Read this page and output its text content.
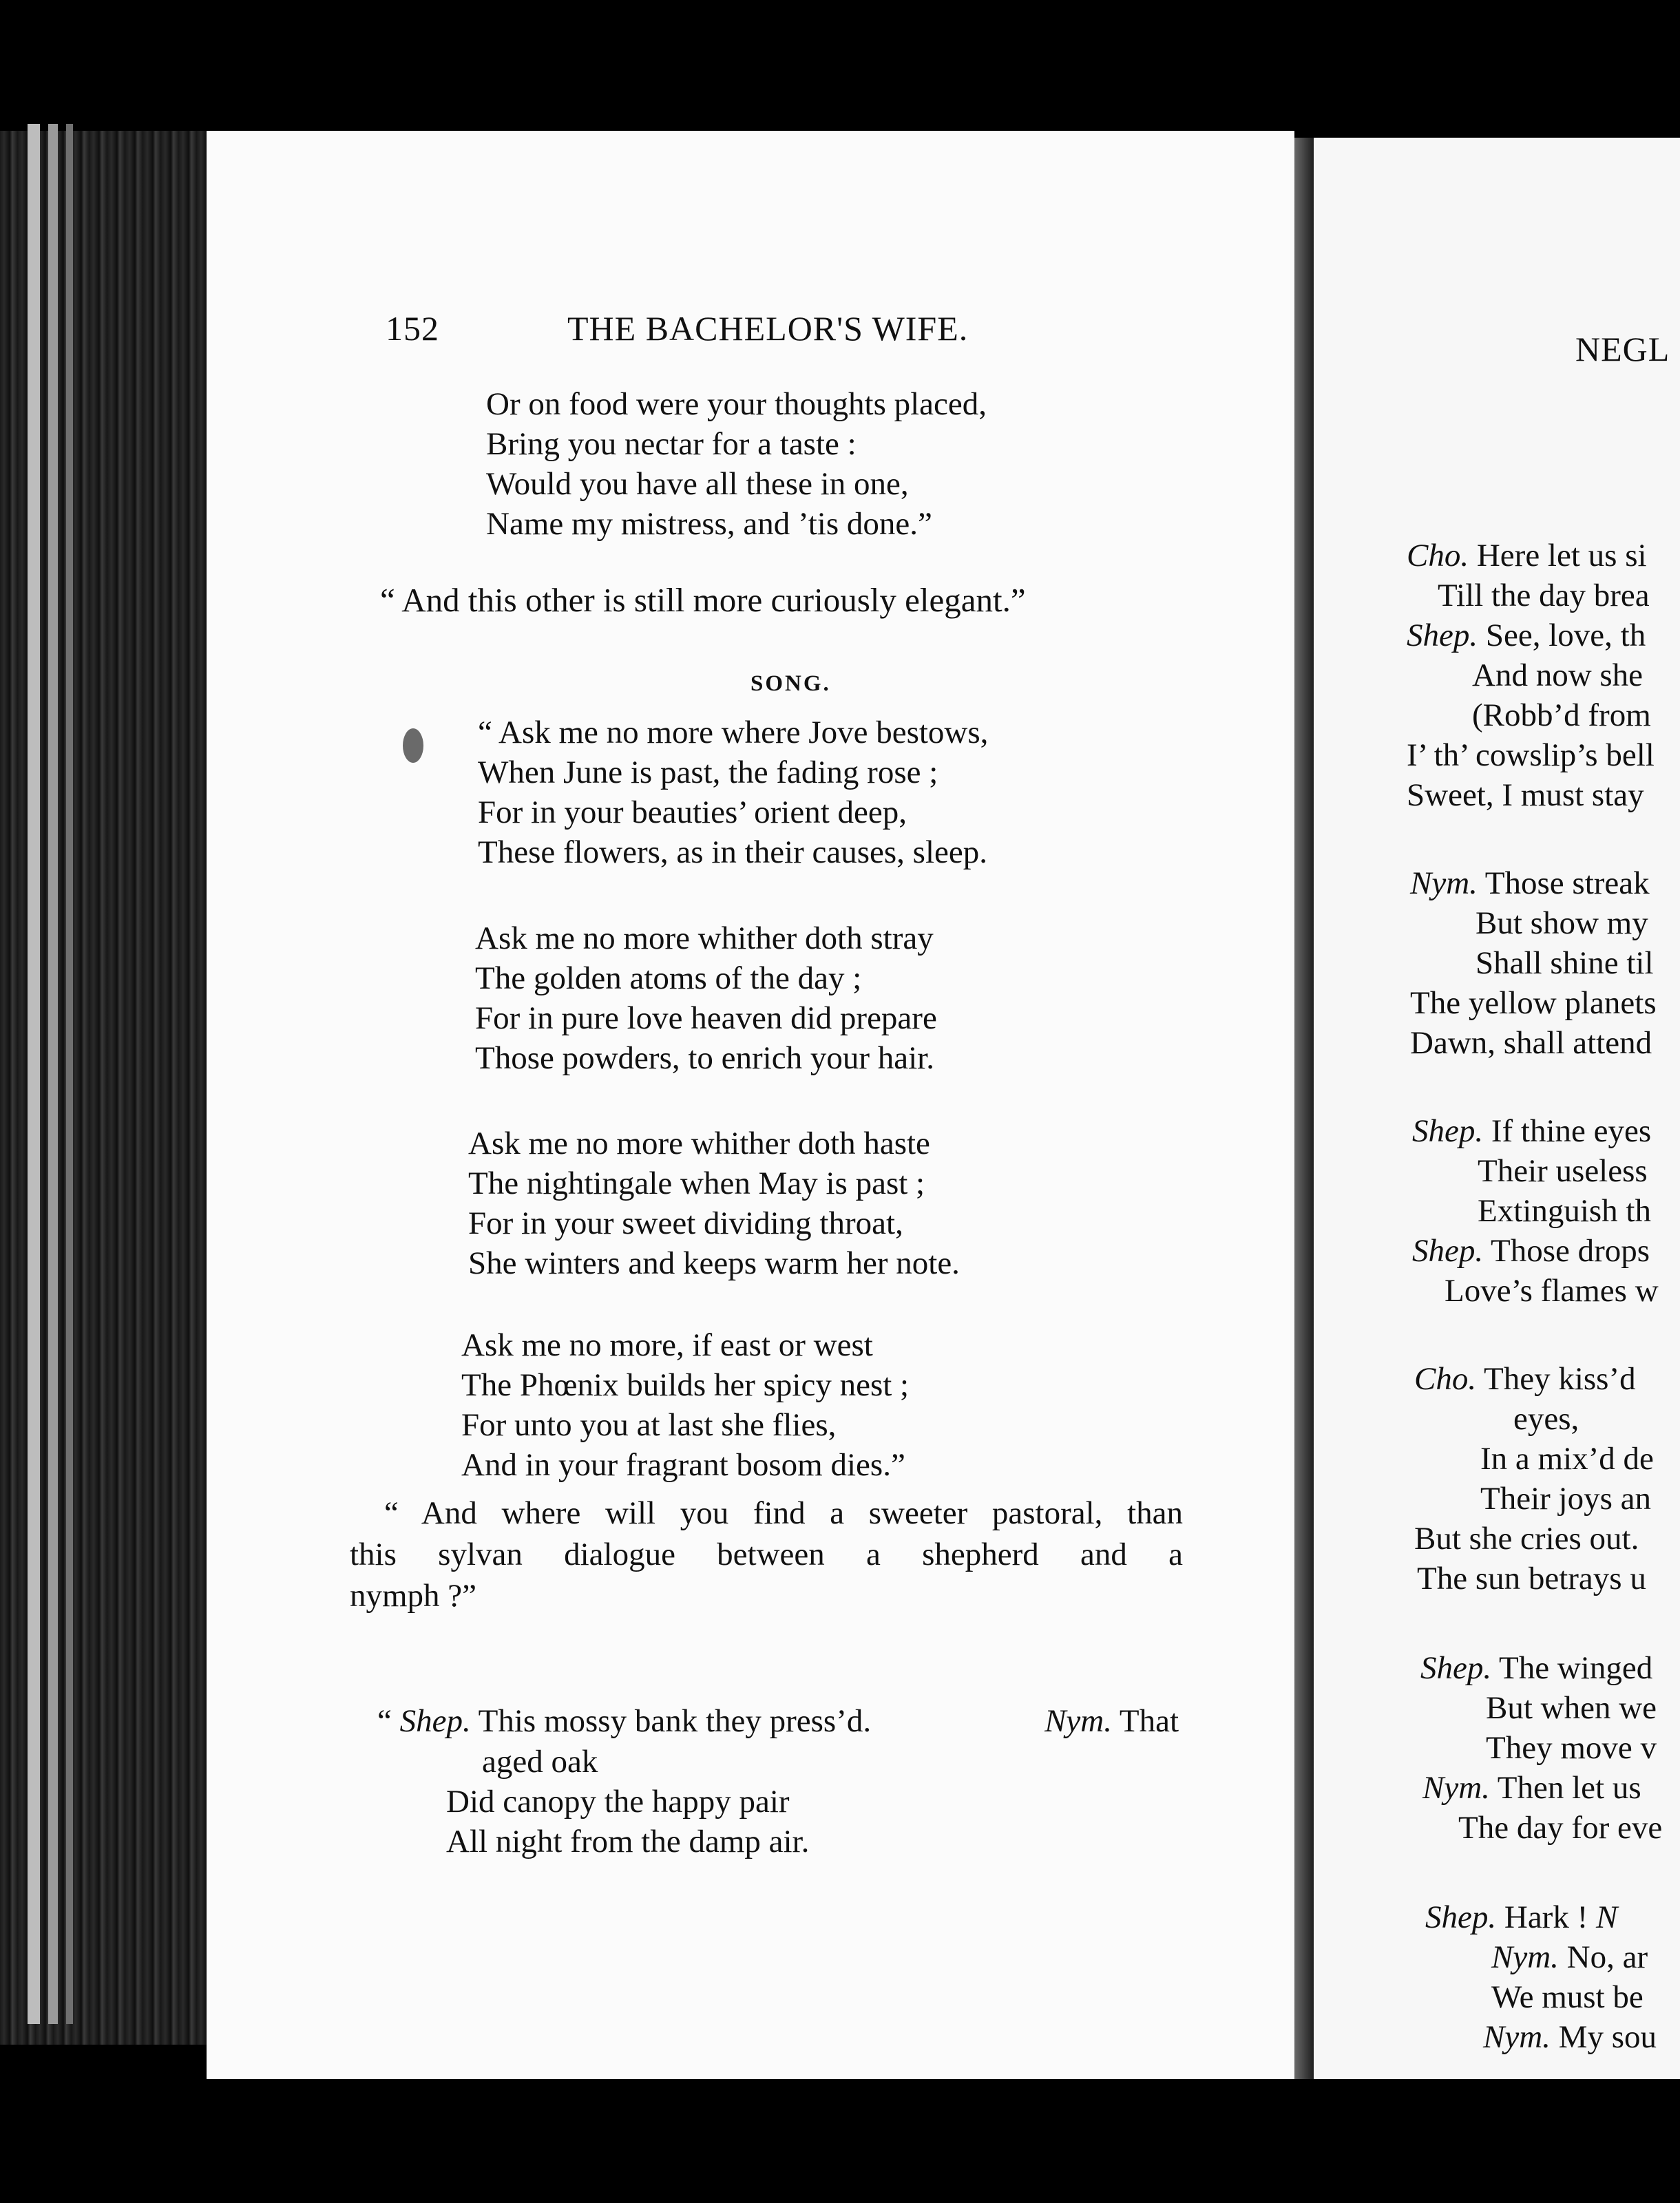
152	THE BACHELOR'S WIFE.
Or on food were your thoughts placed,
Bring you nectar for a taste :
Would you have all these in one,
Name my mistress, and ’tis done.”
“ And this other is still more curiously elegant.”
SONG.
“ Ask me no more where Jove bestows,
When June is past, the fading rose ;
For in your beauties’ orient deep,
These flowers, as in their causes, sleep.
Ask me no more whither doth stray
The golden atoms of the day ;
For in pure love heaven did prepare
Those powders, to enrich your hair.
Ask me no more whither doth haste
The nightingale when May is past ;
For in your sweet dividing throat,
She winters and keeps warm her note.
Ask me no more, if east or west
The Phœnix builds her spicy nest ;
For unto you at last she flies,
And in your fragrant bosom dies.”
“ And where will you find a sweeter pastoral, than
this sylvan dialogue between a shepherd and a
nymph ?”
“ Shep. This mossy bank they press’d.	Nym. That
aged oak
Did canopy the happy pair
All night from the damp air.
NEGL
Cho. Here let us si
Till the day brea
Shep. See, love, th
And now she
(Robb’d from
I’ th’ cowslip’s bell
Sweet, I must stay
Nym. Those streak
But show my
Shall shine til
The yellow planets
Dawn, shall attend
Shep. If thine eyes
Their useless
Extinguish th
Shep. Those drops
Love’s flames w
Cho. They kiss’d
eyes,
In a mix’d de
Their joys an
But she cries out.
The sun betrays u
Shep. The winged
But when we
They move v
Nym. Then let us
The day for eve
Shep. Hark ! N
Nym. No, ar
We must be
Nym. My sou
